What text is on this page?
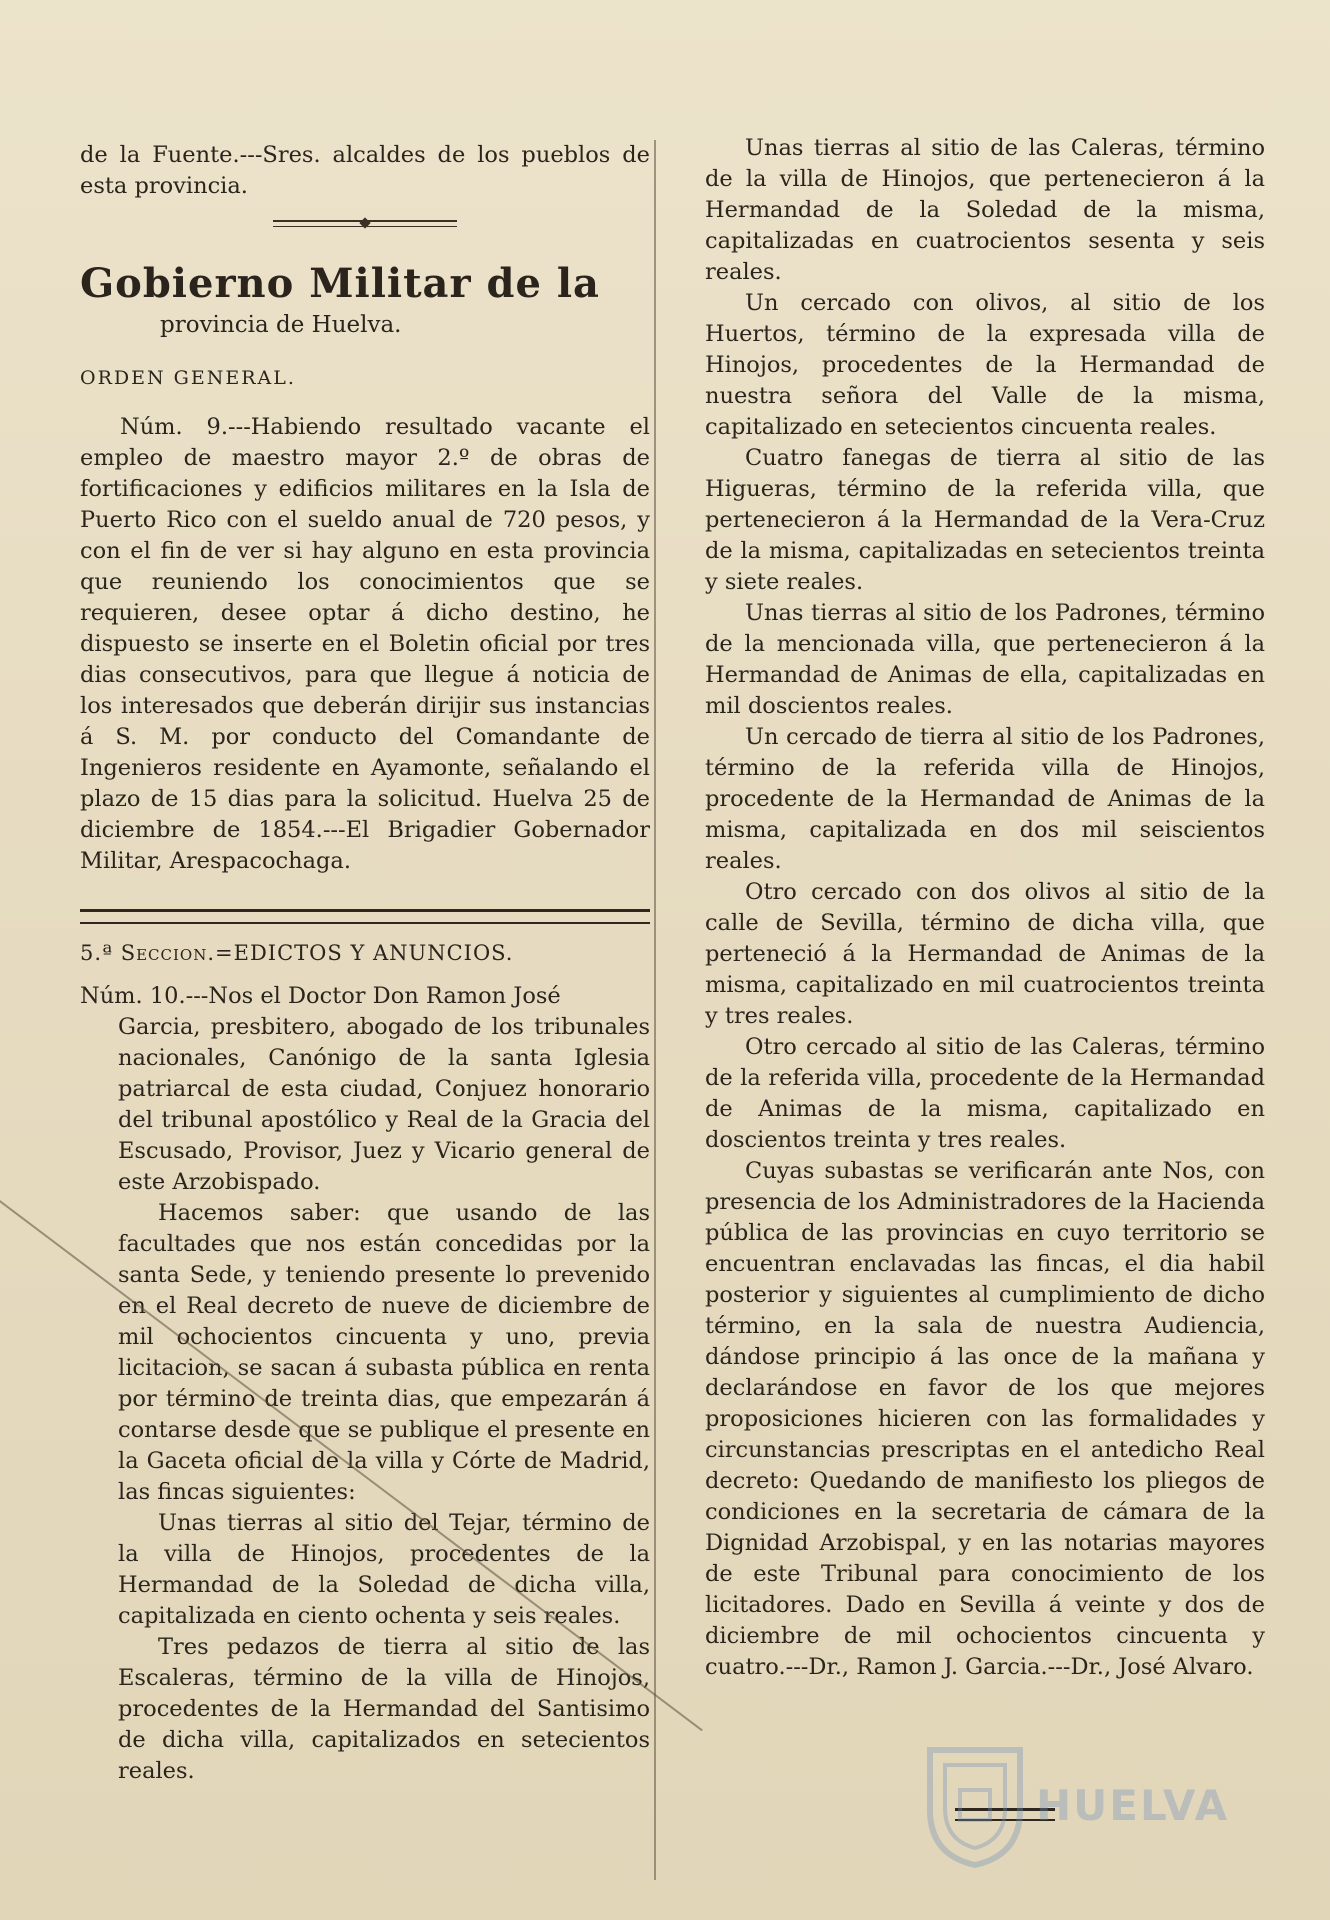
de la Fuente.---Sres. alcaldes de los pueblos de esta provincia.

Gobierno Militar de la

provincia de Huelva.

ORDEN GENERAL.

Núm. 9.---Habiendo resultado vacante el empleo de maestro mayor 2.º de obras de fortificaciones y edificios militares en la Isla de Puerto Rico con el sueldo anual de 720 pesos, y con el fin de ver si hay alguno en esta provincia que reuniendo los conocimientos que se requieren, desee optar á dicho destino, he dispuesto se inserte en el Boletin oficial por tres dias consecutivos, para que llegue á noticia de los interesados que deberán dirijir sus instancias á S. M. por conducto del Comandante de Ingenieros residente en Ayamonte, señalando el plazo de 15 dias para la solicitud. Huelva 25 de diciembre de 1854.---El Brigadier Gobernador Militar, Arespacochaga.

5.ª Seccion.=EDICTOS Y ANUNCIOS.

Núm. 10.---Nos el Doctor Don Ramon José

Garcia, presbitero, abogado de los tribunales nacionales, Canónigo de la santa Iglesia patriarcal de esta ciudad, Conjuez honorario del tribunal apostólico y Real de la Gracia del Escusado, Provisor, Juez y Vicario general de este Arzobispado.

Hacemos saber: que usando de las facultades que nos están concedidas por la santa Sede, y teniendo presente lo prevenido en el Real decreto de nueve de diciembre de mil ochocientos cincuenta y uno, previa licitacion, se sacan á subasta pública en renta por término de treinta dias, que empezarán á contarse desde que se publique el presente en la Gaceta oficial de la villa y Córte de Madrid, las fincas siguientes:

Unas tierras al sitio del Tejar, término de la villa de Hinojos, procedentes de la Hermandad de la Soledad de dicha villa, capitalizada en ciento ochenta y seis reales.

Tres pedazos de tierra al sitio de las Escaleras, término de la villa de Hinojos, procedentes de la Hermandad del Santisimo de dicha villa, capitalizados en setecientos reales.

Unas tierras al sitio de las Caleras, término de la villa de Hinojos, que pertenecieron á la Hermandad de la Soledad de la misma, capitalizadas en cuatrocientos sesenta y seis reales.

Un cercado con olivos, al sitio de los Huertos, término de la expresada villa de Hinojos, procedentes de la Hermandad de nuestra señora del Valle de la misma, capitalizado en setecientos cincuenta reales.

Cuatro fanegas de tierra al sitio de las Higueras, término de la referida villa, que pertenecieron á la Hermandad de la Vera-Cruz de la misma, capitalizadas en setecientos treinta y siete reales.

Unas tierras al sitio de los Padrones, término de la mencionada villa, que pertenecieron á la Hermandad de Animas de ella, capitalizadas en mil doscientos reales.

Un cercado de tierra al sitio de los Padrones, término de la referida villa de Hinojos, procedente de la Hermandad de Animas de la misma, capitalizada en dos mil seiscientos reales.

Otro cercado con dos olivos al sitio de la calle de Sevilla, término de dicha villa, que perteneció á la Hermandad de Animas de la misma, capitalizado en mil cuatrocientos treinta y tres reales.

Otro cercado al sitio de las Caleras, término de la referida villa, procedente de la Hermandad de Animas de la misma, capitalizado en doscientos treinta y tres reales.

Cuyas subastas se verificarán ante Nos, con presencia de los Administradores de la Hacienda pública de las provincias en cuyo territorio se encuentran enclavadas las fincas, el dia habil posterior y siguientes al cumplimiento de dicho término, en la sala de nuestra Audiencia, dándose principio á las once de la mañana y declarándose en favor de los que mejores proposiciones hicieren con las formalidades y circunstancias prescriptas en el antedicho Real decreto: Quedando de manifiesto los pliegos de condiciones en la secretaria de cámara de la Dignidad Arzobispal, y en las notarias mayores de este Tribunal para conocimiento de los licitadores. Dado en Sevilla á veinte y dos de diciembre de mil ochocientos cincuenta y cuatro.---Dr., Ramon J. Garcia.---Dr., José Alvaro.

HUELVA
